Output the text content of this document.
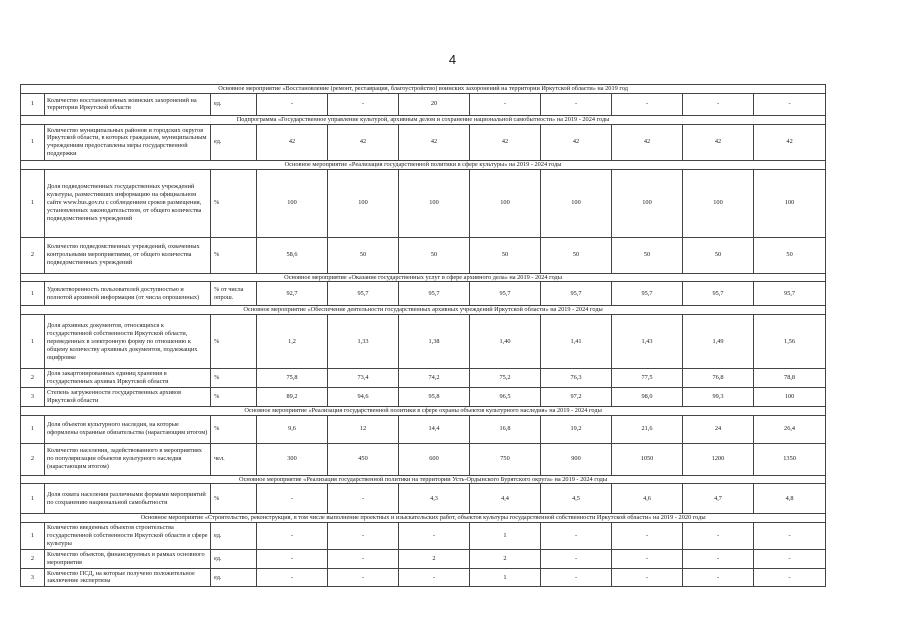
4
Основное мероприятие «Восстановление (ремонт, реставрация, благоустройство) воинских захоронений на территории Иркутской области» на 2019 год										
1	Количество восстановленных воинских захоронений на территории Иркутской области	ед.	-	-	20	-	-	-	-	-
Подпрограмма «Государственное управление культурой, архивным делом и сохранение национальной самобытности» на 2019 - 2024 годы										
1	Количество муниципальных районов и городских округов Иркутской области, в которых гражданам, муниципальным учреждениям предоставлены меры государственной поддержки	ед.	42	42	42	42	42	42	42	42
Основное мероприятие «Реализация государственной политики в сфере культуры» на 2019 - 2024 годы										
1	Доля подведомственных государственных учреждений культуры, разместивших информацию на официальном сайте www.bus.gov.ru с соблюдением сроков размещения, установленных законодательством, от общего количества подведомственных учреждений	%	100	100	100	100	100	100	100	100
2	Количество подведомственных учреждений, охваченных контрольными мероприятиями, от общего количества подведомственных учреждений	%	58,6	50	50	50	50	50	50	50
Основное мероприятие «Оказание государственных услуг в сфере архивного дела» на 2019 - 2024 годы										
1	Удовлетворенность пользователей доступностью и полнотой архивной информации (от числа опрошенных)	% от числа опрош.	92,7	95,7	95,7	95,7	95,7	95,7	95,7	95,7
Основное мероприятие «Обеспечение деятельности государственных архивных учреждений Иркутской области» на 2019 - 2024 годы										
1	Доля архивных документов, относящихся к государственной собственности Иркутской области, переведенных в электронную форму по отношению к общему количеству архивных документов, подлежащих оцифровке	%	1,2	1,33	1,38	1,40	1,41	1,43	1,49	1,56
2	Доля закартонированных единиц хранения в государственных архивах Иркутской области	%	75,8	73,4	74,2	75,2	76,3	77,5	76,8	78,8
3	Степень загруженности государственных архивов Иркутской области	%	89,2	94,6	95,8	96,5	97,2	98,0	99,3	100
Основное мероприятие «Реализация государственной политики в сфере охраны объектов культурного наследия» на 2019 - 2024 годы										
1	Доля объектов культурного наследия, на которые оформлены охранные обязательства (нарастающим итогом)	%	9,6	12	14,4	16,8	19,2	21,6	24	26,4
2	Количество населения, задействованного в мероприятиях по популяризации объектов культурного наследия (нарастающим итогом)	чел.	300	450	600	750	900	1050	1200	1350
Основное мероприятие «Реализация государственной политики на территории Усть-Ордынского Бурятского округа» на 2019 - 2024 годы										
1	Доля охвата населения различными формами мероприятий по сохранению национальной самобытности	%	-	-	4,3	4,4	4,5	4,6	4,7	4,8
Основное мероприятие «Строительство, реконструкция, в том числе выполнение проектных и изыскательских работ, объектов культуры государственной собственности Иркутской области» на 2019 - 2020 годы										
1	Количество введенных объектов строительства государственной собственности Иркутской области в сфере культуры	ед.	-	-	-	1	-	-	-	-
2	Количество объектов, финансируемых в рамках основного мероприятия	ед.	-	-	2	2	-	-	-	-
3	Количество ПСД, на которые получено положительное заключение экспертизы	ед.	-	-	-	1	-	-	-	-
